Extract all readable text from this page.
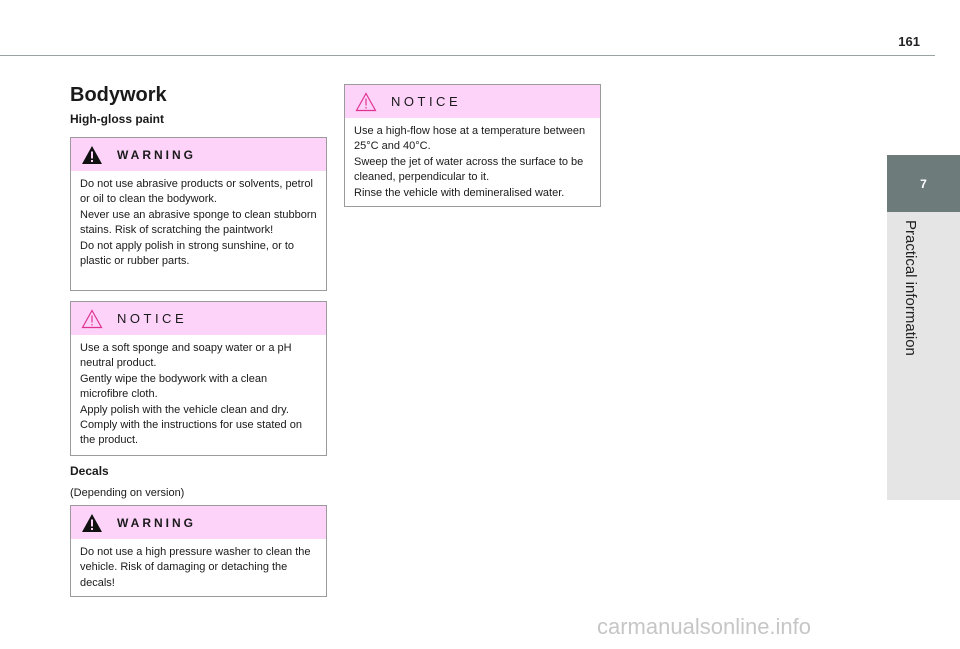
161
7
Practical information
Bodywork

High-gloss paint

WARNING

Do not use abrasive products or solvents, petrol or oil to clean the bodywork.

Never use an abrasive sponge to clean stubborn stains. Risk of scratching the paintwork!

Do not apply polish in strong sunshine, or to plastic or rubber parts.

NOTICE

Use a soft sponge and soapy water or a pH neutral product.

Gently wipe the bodywork with a clean microfibre cloth.

Apply polish with the vehicle clean and dry. Comply with the instructions for use stated on the product.

Decals

(Depending on version)

WARNING

Do not use a high pressure washer to clean the vehicle. Risk of damaging or detaching the decals!

NOTICE

Use a high-flow hose at a temperature between 25°C and 40°C.

Sweep the jet of water across the surface to be cleaned, perpendicular to it.

Rinse the vehicle with demineralised water.

carmanualsonline.info
